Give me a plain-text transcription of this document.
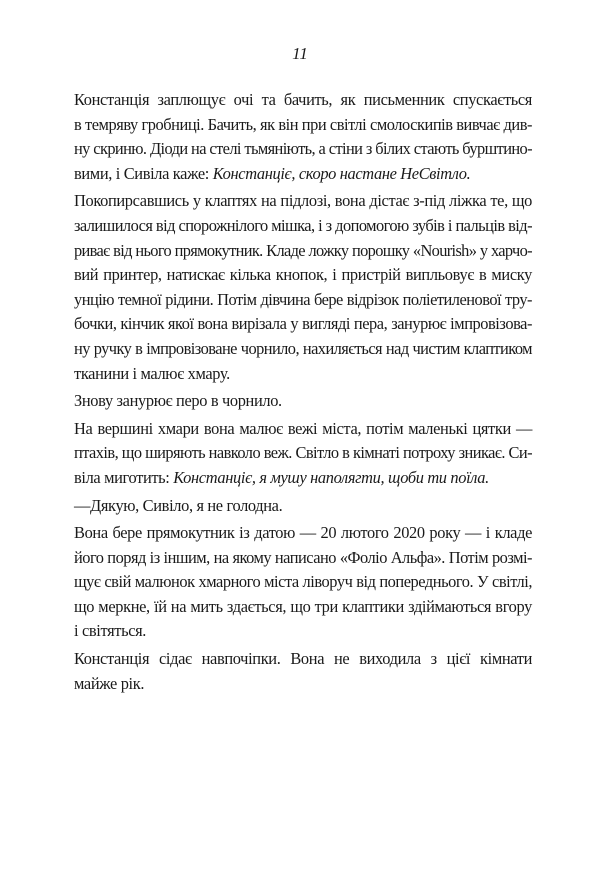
11
Констанція заплющує очі та бачить, як письменник спускається
в темряву гробниці. Бачить, як він при світлі смолоскипів вивчає див-
ну скриню. Діоди на стелі тьмяніють, а стіни з білих стають бурштино-
вими, і Сивіла каже: Констанціє, скоро настане НеСвітло.
Покопирсавшись у клаптях на підлозі, вона дістає з-під ліжка те, що
залишилося від спорожнілого мішка, і з допомогою зубів і пальців від-
риває від нього прямокутник. Кладе ложку порошку «Nourish» у харчо-
вий принтер, натискає кілька кнопок, і пристрій випльовує в миску
унцію темної рідини. Потім дівчина бере відрізок поліетиленової тру-
бочки, кінчик якої вона вирізала у вигляді пера, занурює імпровізова-
ну ручку в імпровізоване чорнило, нахиляється над чистим клаптиком
тканини і малює хмару.
Знову занурює перо в чорнило.
На вершині хмари вона малює вежі міста, потім маленькі цятки —
птахів, що ширяють навколо веж. Світло в кімнаті потроху зникає. Си-
віла миготить: Констанціє, я мушу наполягти, щоби ти поїла.
—Дякую, Сивіло, я не голодна.
Вона бере прямокутник із датою — 20 лютого 2020 року — і кладе
його поряд із іншим, на якому написано «Фоліо Альфа». Потім розмі-
щує свій малюнок хмарного міста ліворуч від попереднього. У світлі,
що меркне, їй на мить здається, що три клаптики здіймаються вгору
і світяться.
Констанція сідає навпочіпки. Вона не виходила з цієї кімнати
майже рік.
